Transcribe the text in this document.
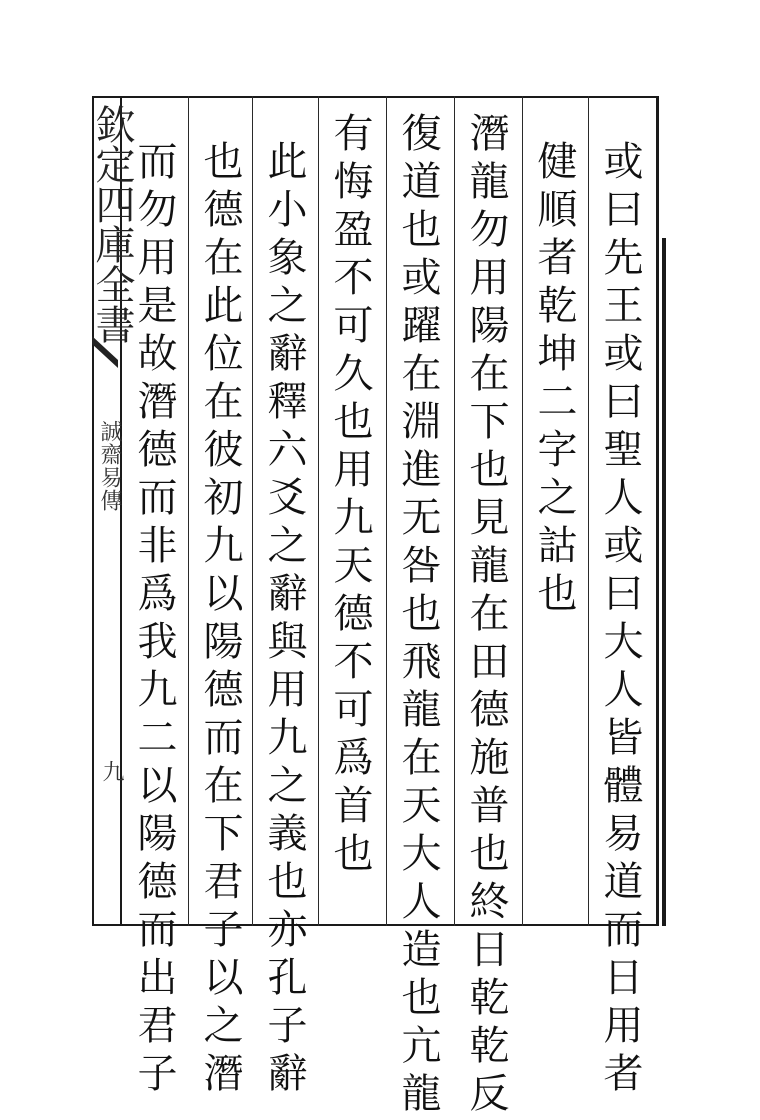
欽定四庫全書
誠齋易傳
九	或曰先王或曰聖人或曰大人皆體易道而日用者
健順者乾坤二字之詁也
潛龍勿用陽在下也見龍在田德施普也終日乾乾反
復道也或躍在淵進无咎也飛龍在天大人造也亢龍
有悔盈不可久也用九天德不可爲首也
此小象之辭釋六爻之辭與用九之義也亦孔子辭
也德在此位在彼初九以陽德而在下君子以之潛
而勿用是故潛德而非爲我九二以陽德而出君子
